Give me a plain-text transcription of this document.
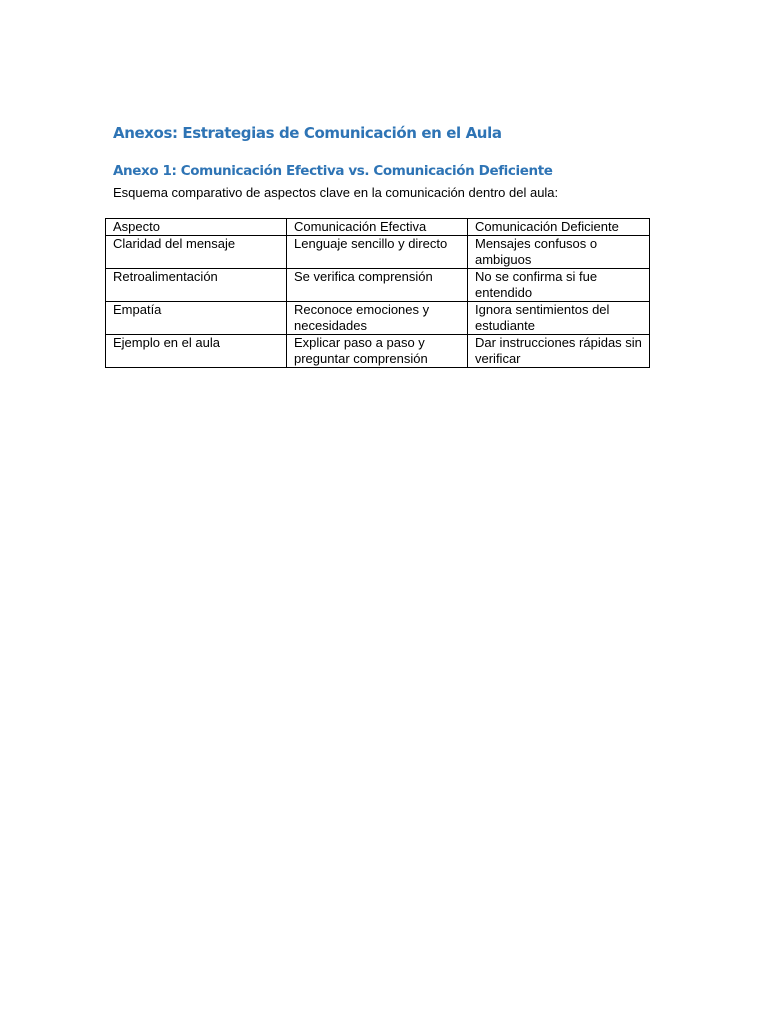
Anexos: Estrategias de Comunicación en el Aula
Anexo 1: Comunicación Efectiva vs. Comunicación Deficiente
Esquema comparativo de aspectos clave en la comunicación dentro del aula:
Aspecto	Comunicación Efectiva	Comunicación Deficiente
Claridad del mensaje	Lenguaje sencillo y directo	Mensajes confusos o ambiguos
Retroalimentación	Se verifica comprensión	No se confirma si fue entendido
Empatía	Reconoce emociones y necesidades	Ignora sentimientos del estudiante
Ejemplo en el aula	Explicar paso a paso y preguntar comprensión	Dar instrucciones rápidas sin verificar
